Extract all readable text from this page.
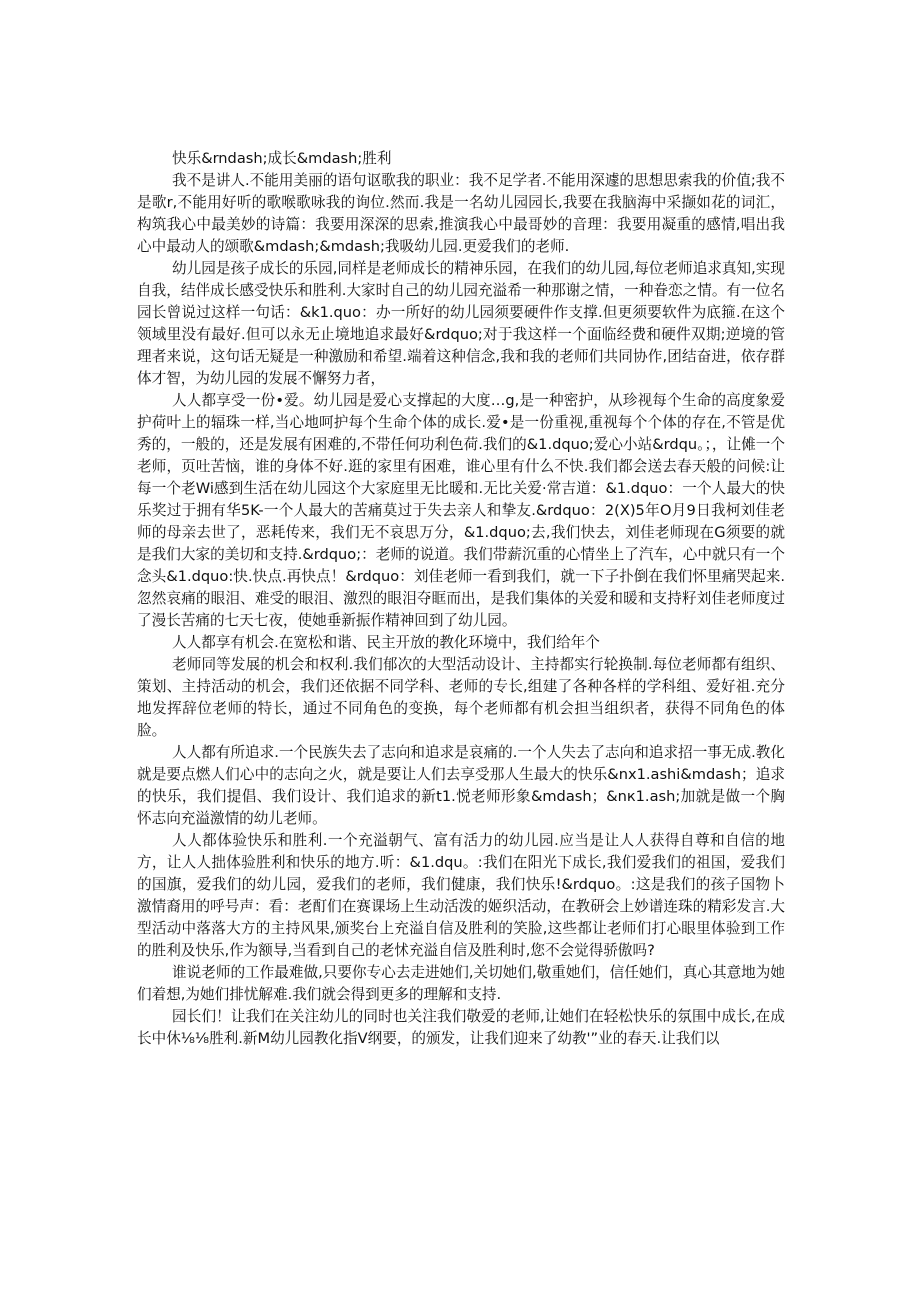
快乐&rndash;成长&mdash;胜利

我不是讲人.不能用美丽的语句讴歌我的职业：我不足学者.不能用深遽的思想思索我的价值;我不是歌r,不能用好听的歌喉歌咏我的询位.然而.我是一名幼儿园园长,我要在我脑海中采撷如花的词汇，构筑我心中最美妙的诗篇：我要用深深的思索,推演我心中最哥妙的音理：我要用凝重的感情,唱出我心中最动人的颂歌&mdash;&mdash;我吸幼儿园.更爱我们的老师.

幼儿园是孩子成长的乐园,同样是老师成长的精神乐园，在我们的幼儿园,每位老师追求真知,实现自我，结伴成长感受快乐和胜利.大家时自己的幼儿园充溢希一种那谢之情，一种眷恋之情。有一位名园长曾说过这样一句话：&k1.quo：办一所好的幼儿园须要硬件作支撑.但更须要软件为底箍.在这个领域里没有最好.但可以永无止境地追求最好&rdquo;对于我这样一个面临经费和硬件双期;逆境的管理者来说，这句话无疑是一种激励和希望.端着这种信念,我和我的老师们共同协作,团结奋进，依存群体才智，为幼儿园的发展不懈努力者，

人人都享受一份•爱。幼儿园是爱心支撑起的大度…g,是一种密护，从珍视每个生命的高度象爱护荷叶上的辐珠一样,当心地呵护每个生命个体的成长.爱•是一份重视,重视每个个体的存在,不管是优秀的，一般的，还是发展有困难的,不带任何功利色荷.我们的&1.dquo;爱心小站&rdqu。；，让傩一个老师，页吐苦恼，谁的身体不好.逛的家里有困难，谁心里有什么不快.我们都会送去春天般的问候:让每一个老Wi感到生活在幼儿园这个大家庭里无比暖和.无比关爱·常吉道：&1.dquo：一个人最大的快乐奖过于拥有华5K-一个人最大的苦痛莫过于失去亲人和挚友.&rdquo：2(X)5年O月9日我柯刘佳老师的母亲去世了，恶耗传来，我们无不哀思万分，&1.dquo;去,我们快去，刘佳老师现在G须要的就是我们大家的美切和支持.&rdquo;：老师的说道。我们带薪沉重的心情坐上了汽车，心中就只有一个念头&1.dquo:快.快点.再快点！&rdquo：刘佳老师一看到我们，就一下子扑倒在我们怀里痛哭起来.忽然哀痛的眼泪、难受的眼泪、激烈的眼泪夺眶而出，是我们集体的关爱和暖和支持籽刘佳老师度过了漫长苦痛的七天七夜，使她垂新振作精神回到了幼儿园。

人人都享有机会.在宽松和谐、民主开放的教化环境中，我们给年个

老师同等发展的机会和权利.我们郁次的大型活动设计、主持都实行轮换制.每位老师都有组织、策划、主持活动的机会，我们还依据不同学科、老师的专长,组建了各种各样的学科组、爱好祖.充分地发挥辞位老师的特长，通过不同角色的变换，每个老师都有机会担当组织者，获得不同角色的体脸。

人人都有所追求.一个民族失去了志向和追求是哀痛的.一个人失去了志向和追求招一事无成.教化就是要点燃人们心中的志向之火，就是要让人们去享受那人生最大的快乐&nx1.ashi&mdash；追求的快乐，我们提倡、我们设计、我们追求的新t1.悦老师形象&mdash；&nк1.ash;加就是做一个胸怀志向充溢激情的幼儿老师。

人人都体验快乐和胜利.一个充溢朝气、富有活力的幼儿园.应当是让人人获得自尊和自信的地方，让人人拙体验胜利和快乐的地方.听：&1.dqu。:我们在阳光下成长,我们爱我们的祖国，爱我们的国旗，爱我们的幼儿园，爱我们的老师，我们健康，我们快乐!&rdquo。:这是我们的孩子国物卜激情裔用的呼号声：看：老酊们在赛课场上生动活泼的姬织活动，在教研会上妙谱连珠的精彩发言.大型活动中落落大方的主持风果,颁奖台上充溢自信及胜利的笑脸,这些都让老师们打心眼里体验到工作的胜利及快乐,作为额导,当看到自己的老怵充溢自信及胜利时,您不会觉得骄傲吗?

谁说老师的工作最难做,只要你专心去走进她们,关切她们,敬重她们，信任她们，真心其意地为她们着想,为她们排忧解难.我们就会得到更多的理解和支持.

园长们！让我们在关注幼儿的同时也关注我们敬爱的老师,让她们在轻松快乐的氛围中成长,在成长中休⅛⅛胜利.新M幼儿园教化指V纲要，的颁发，让我们迎来了幼教'”业的春天.让我们以
